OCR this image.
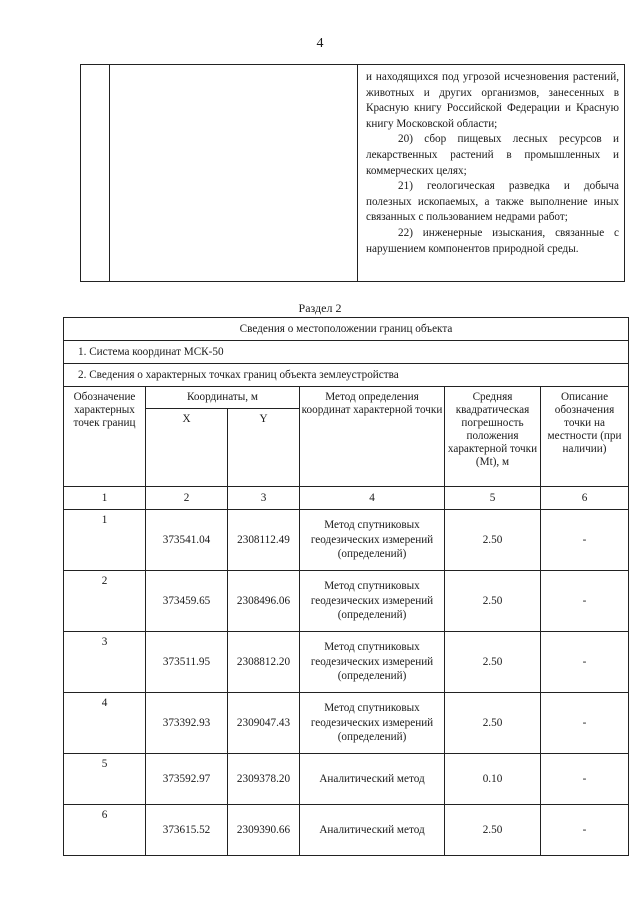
4

и находящихся под угрозой исчезновения растений, животных и других организмов, занесенных в Красную книгу Российской Федерации и Красную книгу Московской области;

20) сбор пищевых лесных ресурсов и лекарственных растений в промышленных и коммерческих целях;

21) геологическая разведка и добыча полезных ископаемых, а также выполнение иных связанных с пользованием недрами работ;

22) инженерные изыскания, связанные с нарушением компонентов природной среды.

Раздел 2
Сведения о местоположении границ объекта					
1. Система координат МСК-50					
2. Сведения о характерных точках границ объекта землеустройства					
Обозначение характерных точек границ	Координаты, м		Метод определения координат характерной точки	Средняя квадратическая погрешность положения характерной точки (Mt), м	Описание обозначения точки на местности (при наличии)
	X	Y			
1	2	3	4	5	6
1	373541.04	2308112.49	Метод спутниковых геодезических измерений (определений)	2.50	-
2	373459.65	2308496.06	Метод спутниковых геодезических измерений (определений)	2.50	-
3	373511.95	2308812.20	Метод спутниковых геодезических измерений (определений)	2.50	-
4	373392.93	2309047.43	Метод спутниковых геодезических измерений (определений)	2.50	-
5	373592.97	2309378.20	Аналитический метод	0.10	-
6	373615.52	2309390.66	Аналитический метод	2.50	-
